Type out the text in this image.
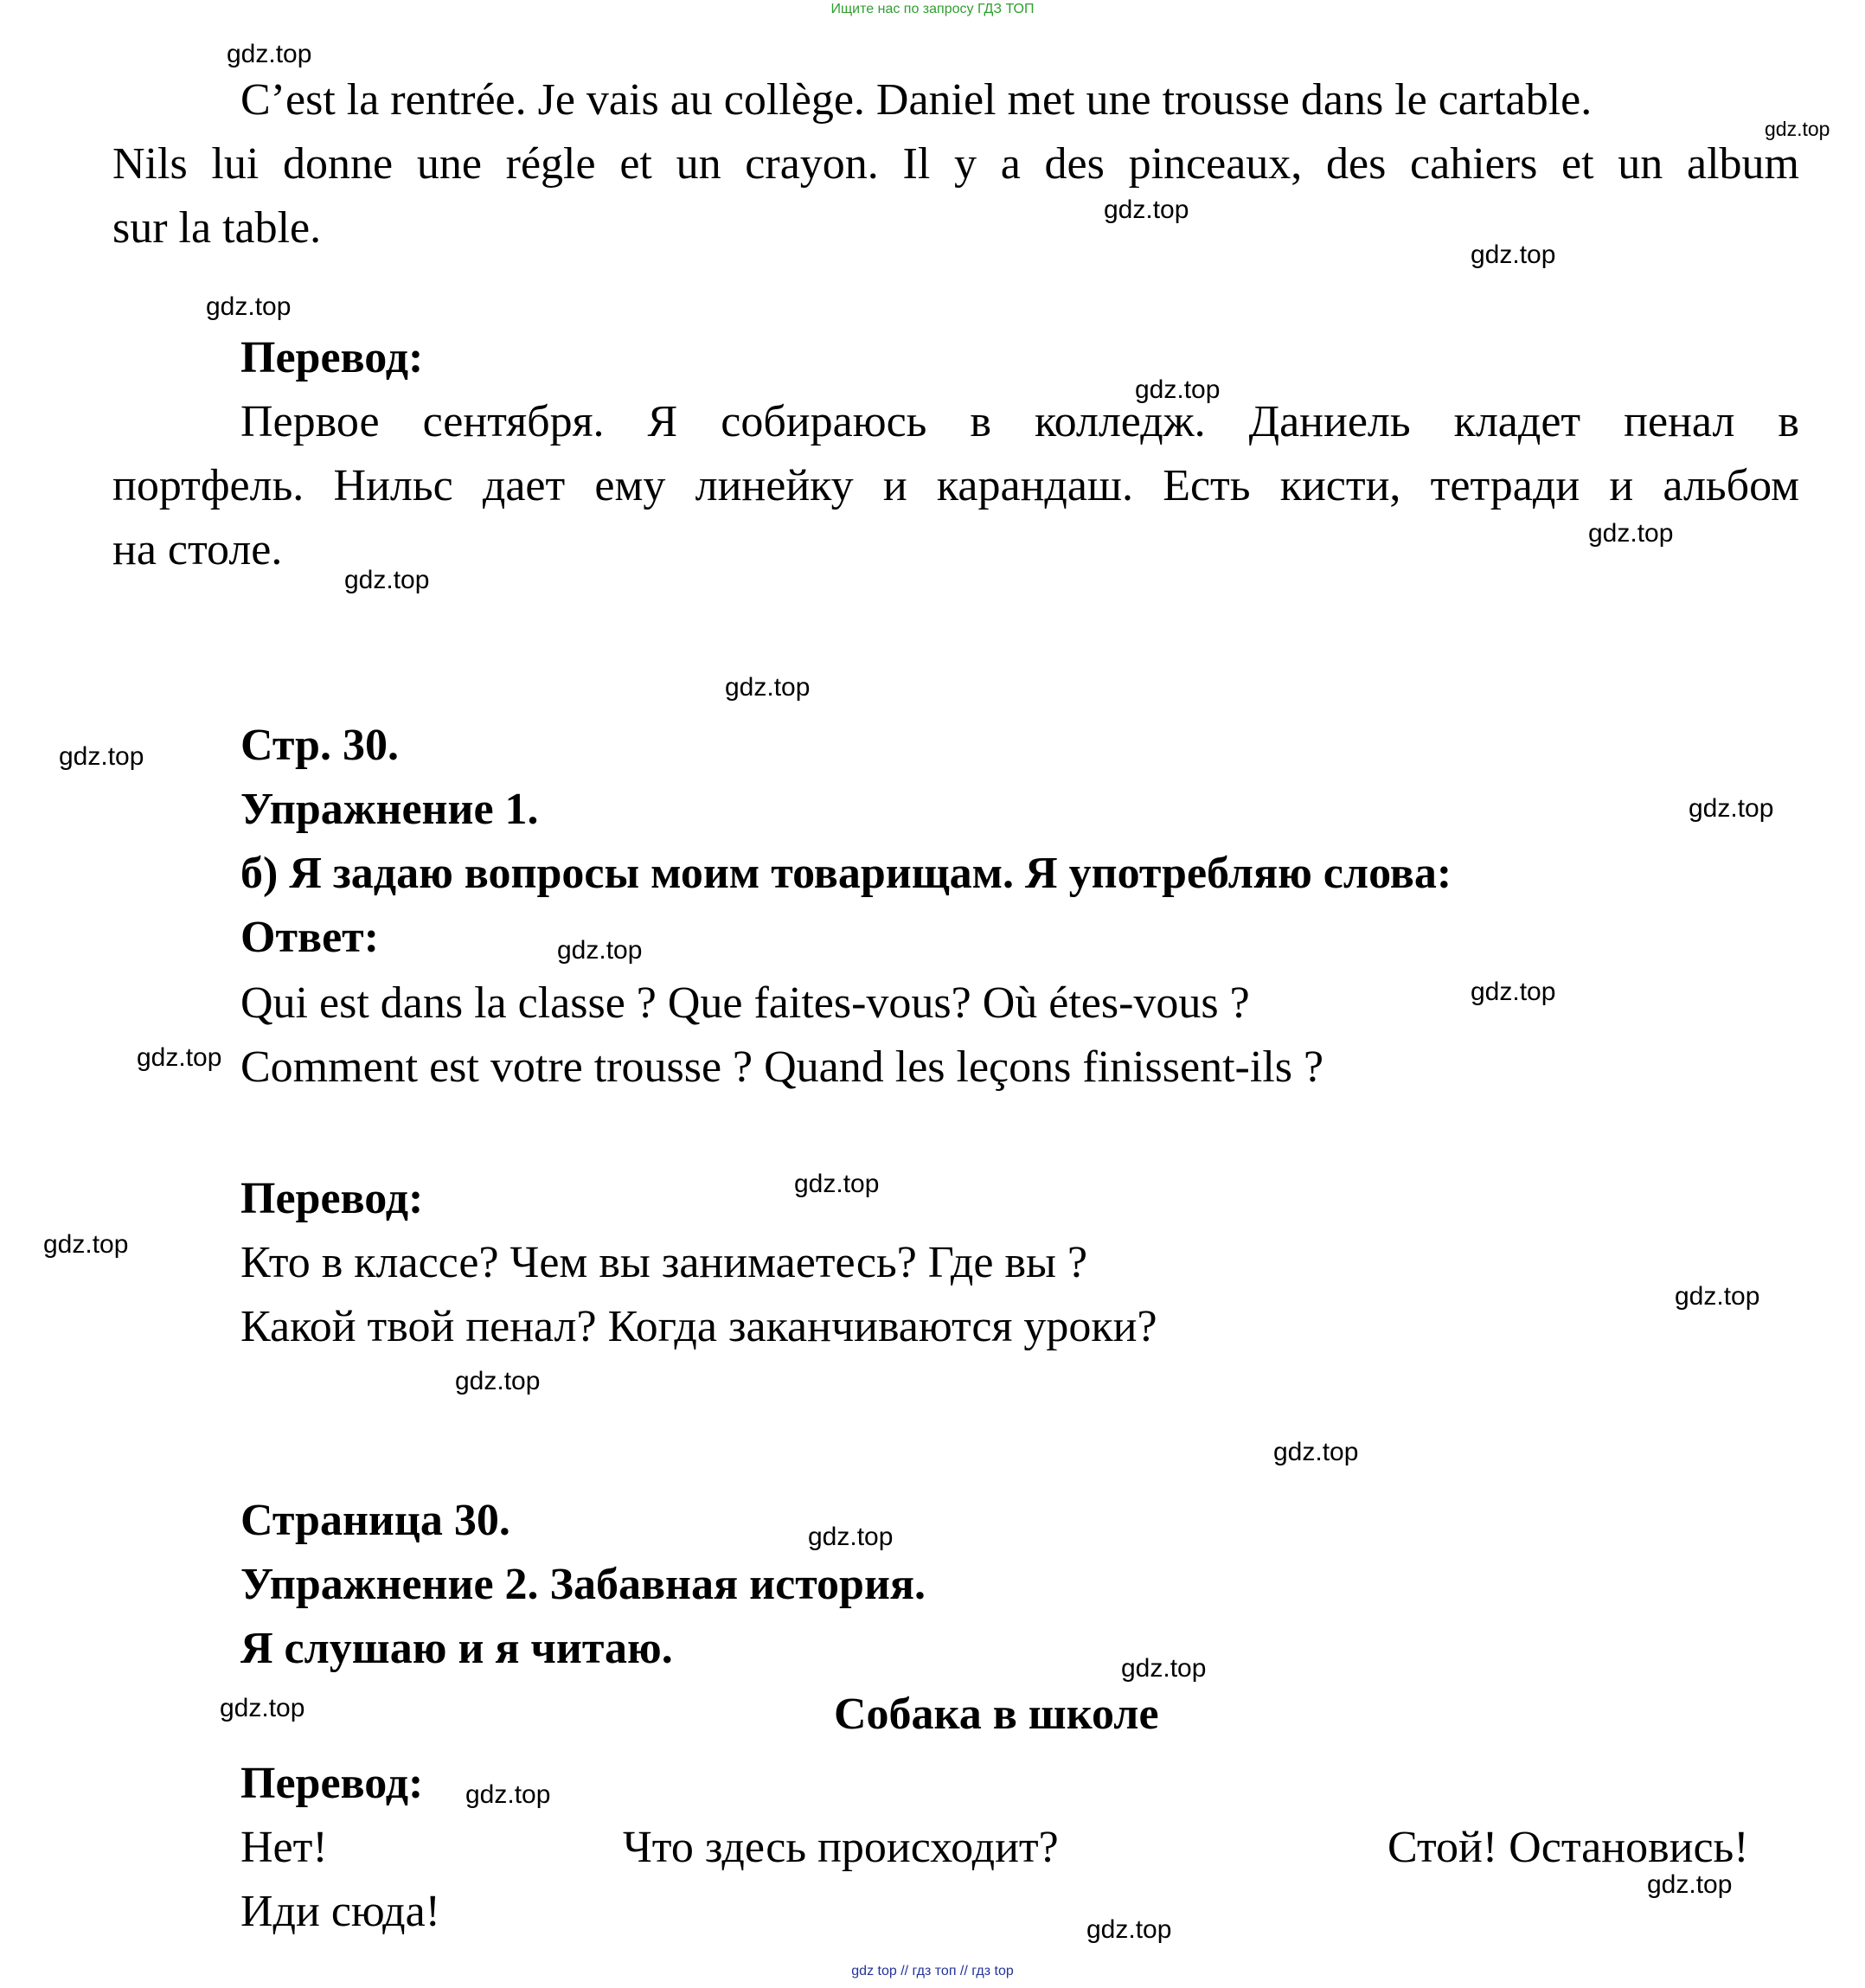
Ищите нас по запросу ГДЗ ТОП
C’est la rentrée. Je vais au collège. Daniel met une trousse dans le cartable.
Nils lui donne une régle et un crayon. Il y a des pinceaux, des cahiers et un album
sur la table.
Перевод:
Первое сентября. Я собираюсь в колледж. Даниель кладет пенал в
портфель. Нильс дает ему линейку и карандаш. Есть кисти, тетради и альбом
на столе.
Стр. 30.
Упражнение 1.
б) Я задаю вопросы моим товарищам. Я употребляю слова:
Ответ:
Qui est dans la classe ? Que faites-vous? Où étes-vous ?
Comment est votre trousse ? Quand les leçons finissent-ils ?
Перевод:
Кто в классе? Чем вы занимаетесь? Где вы ?
Какой твой пенал? Когда заканчиваются уроки?
Страница 30.
Упражнение 2. Забавная история.
Я слушаю и я читаю.
Собака в школе
Перевод:
Нет!	Что здесь происходит?	Стой! Остановись!
Иди сюда!
gdz.top
gdz.top
gdz.top
gdz.top
gdz.top
gdz.top
gdz.top
gdz.top
gdz.top
gdz.top
gdz.top
gdz.top
gdz.top
gdz.top
gdz.top
gdz.top
gdz.top
gdz.top
gdz.top
gdz.top
gdz.top
gdz.top
gdz.top
gdz.top
gdz.top
gdz top // гдз топ // гдз top
